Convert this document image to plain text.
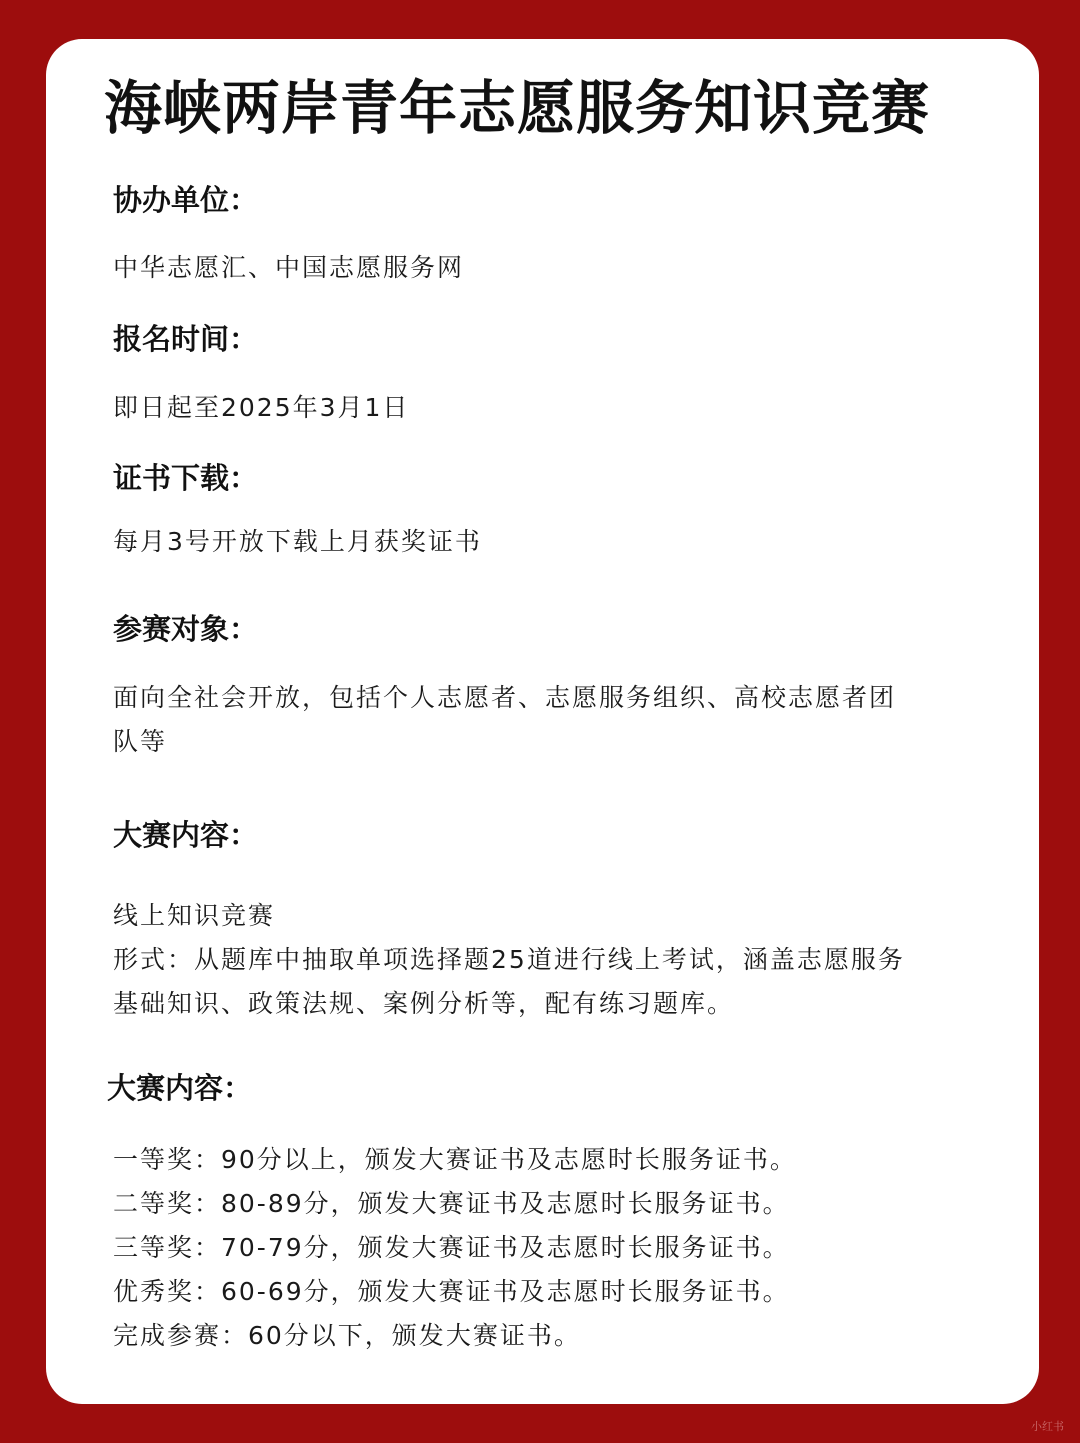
海峡两岸青年志愿服务知识竞赛

协办单位：

中华志愿汇、中国志愿服务网

报名时间：

即日起至2025年3月1日

证书下载：

每月3号开放下载上月获奖证书

参赛对象：

面向全社会开放，包括个人志愿者、志愿服务组织、高校志愿者团
队等

大赛内容：

线上知识竞赛
形式：从题库中抽取单项选择题25道进行线上考试，涵盖志愿服务
基础知识、政策法规、案例分析等，配有练习题库。

大赛内容：

一等奖：90分以上，颁发大赛证书及志愿时长服务证书。
二等奖：80-89分，颁发大赛证书及志愿时长服务证书。
三等奖：70-79分，颁发大赛证书及志愿时长服务证书。
优秀奖：60-69分，颁发大赛证书及志愿时长服务证书。
完成参赛：60分以下，颁发大赛证书。
小红书
